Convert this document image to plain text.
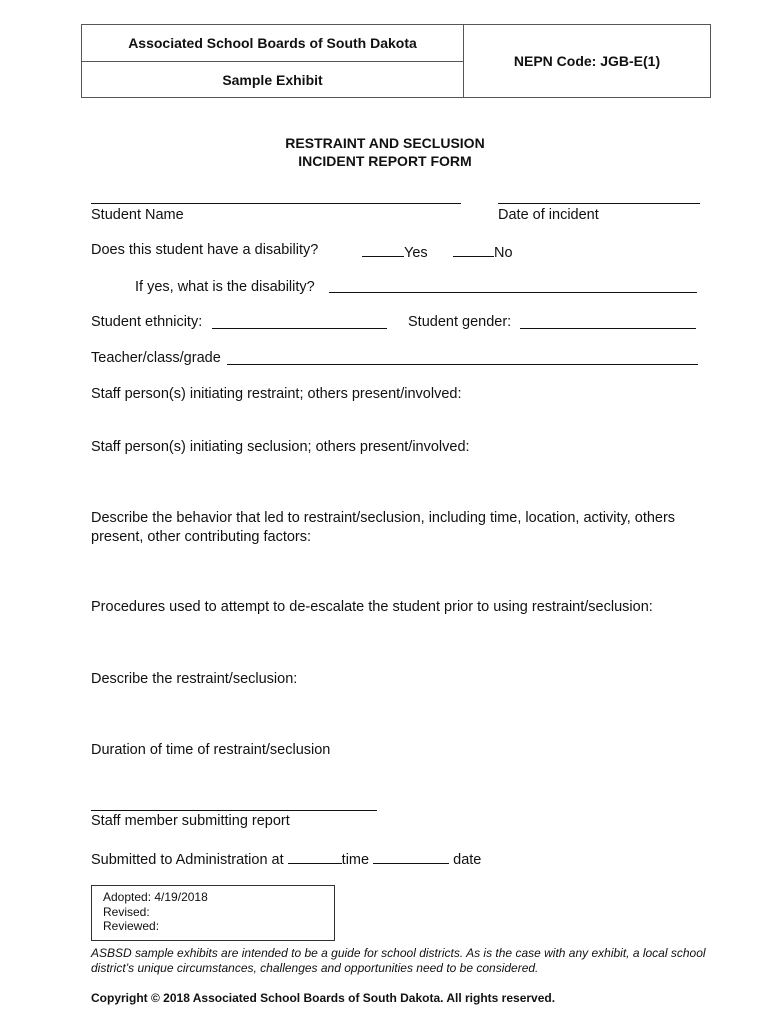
Associated School Boards of South Dakota
Sample Exhibit
NEPN Code: JGB-E(1)
RESTRAINT AND SECLUSION
INCIDENT REPORT FORM
Student Name	Date of incident
Does this student have a disability?	Yes	No
If yes, what is the disability?
Student ethnicity:	Student gender:
Teacher/class/grade
Staff person(s) initiating restraint; others present/involved:
Staff person(s) initiating seclusion; others present/involved:
Describe the behavior that led to restraint/seclusion, including time, location, activity, others
present, other contributing factors:
Procedures used to attempt to de-escalate the student prior to using restraint/seclusion:
Describe the restraint/seclusion:
Duration of time of restraint/seclusion
Staff member submitting report
Submitted to Administration at	time	date
Adopted: 4/19/2018
Revised:
Reviewed:
ASBSD sample exhibits are intended to be a guide for school districts. As is the case with any exhibit, a local school district’s unique circumstances, challenges and opportunities need to be considered.
Copyright © 2018 Associated School Boards of South Dakota. All rights reserved.
